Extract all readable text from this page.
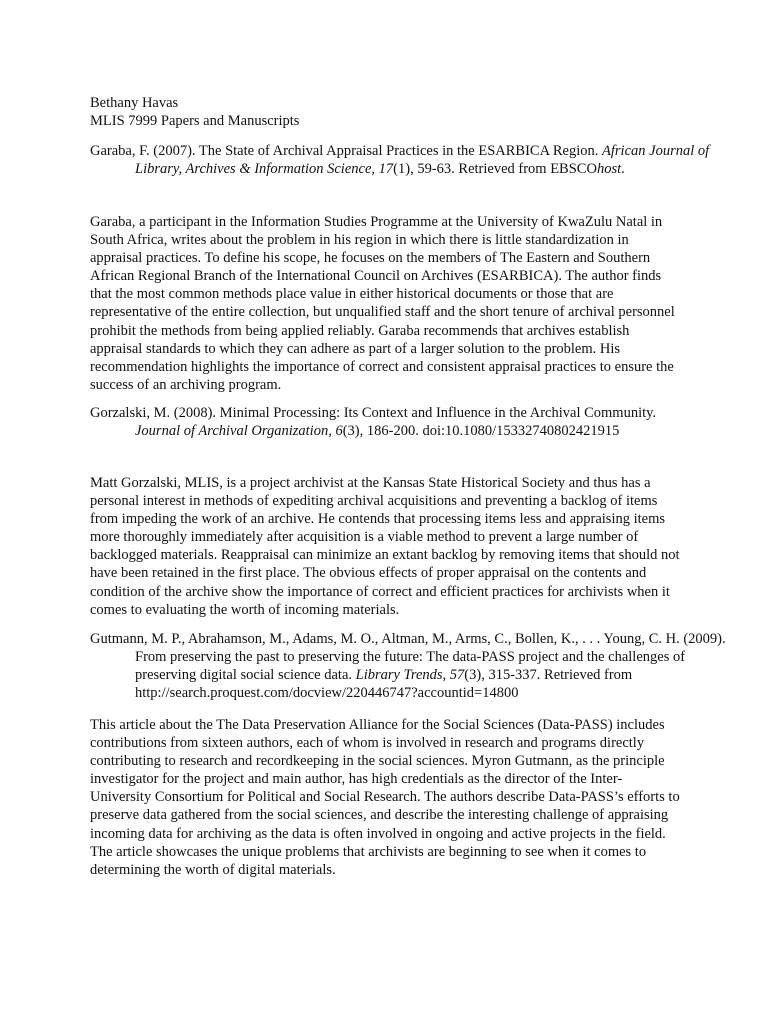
Bethany Havas
MLIS 7999 Papers and Manuscripts
Garaba, F. (2007). The State of Archival Appraisal Practices in the ESARBICA Region. African Journal of Library, Archives & Information Science, 17(1), 59-63. Retrieved from EBSCOhost.
Garaba, a participant in the Information Studies Programme at the University of KwaZulu Natal in South Africa, writes about the problem in his region in which there is little standardization in appraisal practices. To define his scope, he focuses on the members of The Eastern and Southern African Regional Branch of the International Council on Archives (ESARBICA). The author finds that the most common methods place value in either historical documents or those that are representative of the entire collection, but unqualified staff and the short tenure of archival personnel prohibit the methods from being applied reliably. Garaba recommends that archives establish appraisal standards to which they can adhere as part of a larger solution to the problem. His recommendation highlights the importance of correct and consistent appraisal practices to ensure the success of an archiving program.
Gorzalski, M. (2008). Minimal Processing: Its Context and Influence in the Archival Community. Journal of Archival Organization, 6(3), 186-200. doi:10.1080/15332740802421915
Matt Gorzalski, MLIS, is a project archivist at the Kansas State Historical Society and thus has a personal interest in methods of expediting archival acquisitions and preventing a backlog of items from impeding the work of an archive. He contends that processing items less and appraising items more thoroughly immediately after acquisition is a viable method to prevent a large number of backlogged materials. Reappraisal can minimize an extant backlog by removing items that should not have been retained in the first place. The obvious effects of proper appraisal on the contents and condition of the archive show the importance of correct and efficient practices for archivists when it comes to evaluating the worth of incoming materials.
Gutmann, M. P., Abrahamson, M., Adams, M. O., Altman, M., Arms, C., Bollen, K., . . . Young, C. H. (2009). From preserving the past to preserving the future: The data-PASS project and the challenges of preserving digital social science data. Library Trends, 57(3), 315-337. Retrieved from http://search.proquest.com/docview/220446747?accountid=14800
This article about the The Data Preservation Alliance for the Social Sciences (Data-PASS) includes contributions from sixteen authors, each of whom is involved in research and programs directly contributing to research and recordkeeping in the social sciences. Myron Gutmann, as the principle investigator for the project and main author, has high credentials as the director of the Inter-University Consortium for Political and Social Research. The authors describe Data-PASS’s efforts to preserve data gathered from the social sciences, and describe the interesting challenge of appraising incoming data for archiving as the data is often involved in ongoing and active projects in the field. The article showcases the unique problems that archivists are beginning to see when it comes to determining the worth of digital materials.
